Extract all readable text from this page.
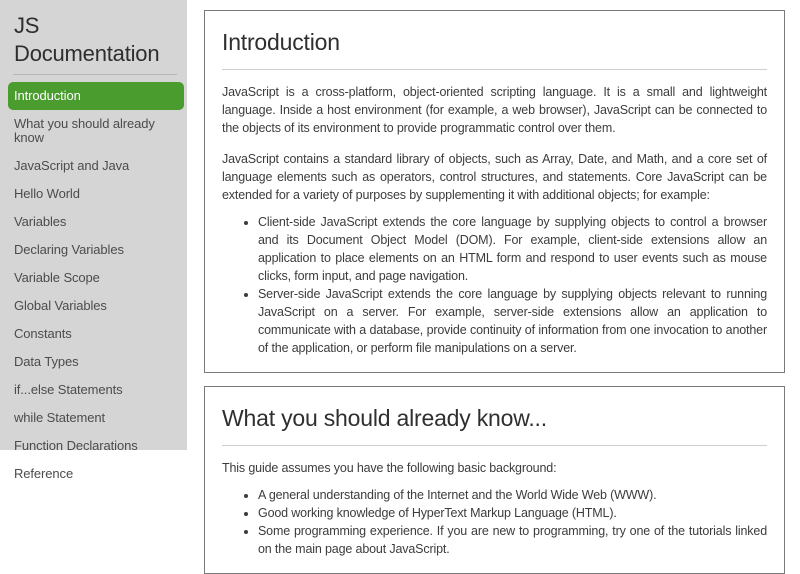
JS Documentation
Introduction
What you should already know
JavaScript and Java
Hello World
Variables
Declaring Variables
Variable Scope
Global Variables
Constants
Data Types
if...else Statements
while Statement
Function Declarations
Reference
Introduction

JavaScript is a cross-platform, object-oriented scripting language. It is a small and lightweight language. Inside a host environment (for example, a web browser), JavaScript can be connected to the objects of its environment to provide programmatic control over them.

JavaScript contains a standard library of objects, such as Array, Date, and Math, and a core set of language elements such as operators, control structures, and statements. Core JavaScript can be extended for a variety of purposes by supplementing it with additional objects; for example:

• Client-side JavaScript extends the core language by supplying objects to control a browser and its Document Object Model (DOM). For example, client-side extensions allow an application to place elements on an HTML form and respond to user events such as mouse clicks, form input, and page navigation.
• Server-side JavaScript extends the core language by supplying objects relevant to running JavaScript on a server. For example, server-side extensions allow an application to communicate with a database, provide continuity of information from one invocation to another of the application, or perform file manipulations on a server.
What you should already know...

This guide assumes you have the following basic background:

• A general understanding of the Internet and the World Wide Web (WWW).
• Good working knowledge of HyperText Markup Language (HTML).
• Some programming experience. If you are new to programming, try one of the tutorials linked on the main page about JavaScript.
